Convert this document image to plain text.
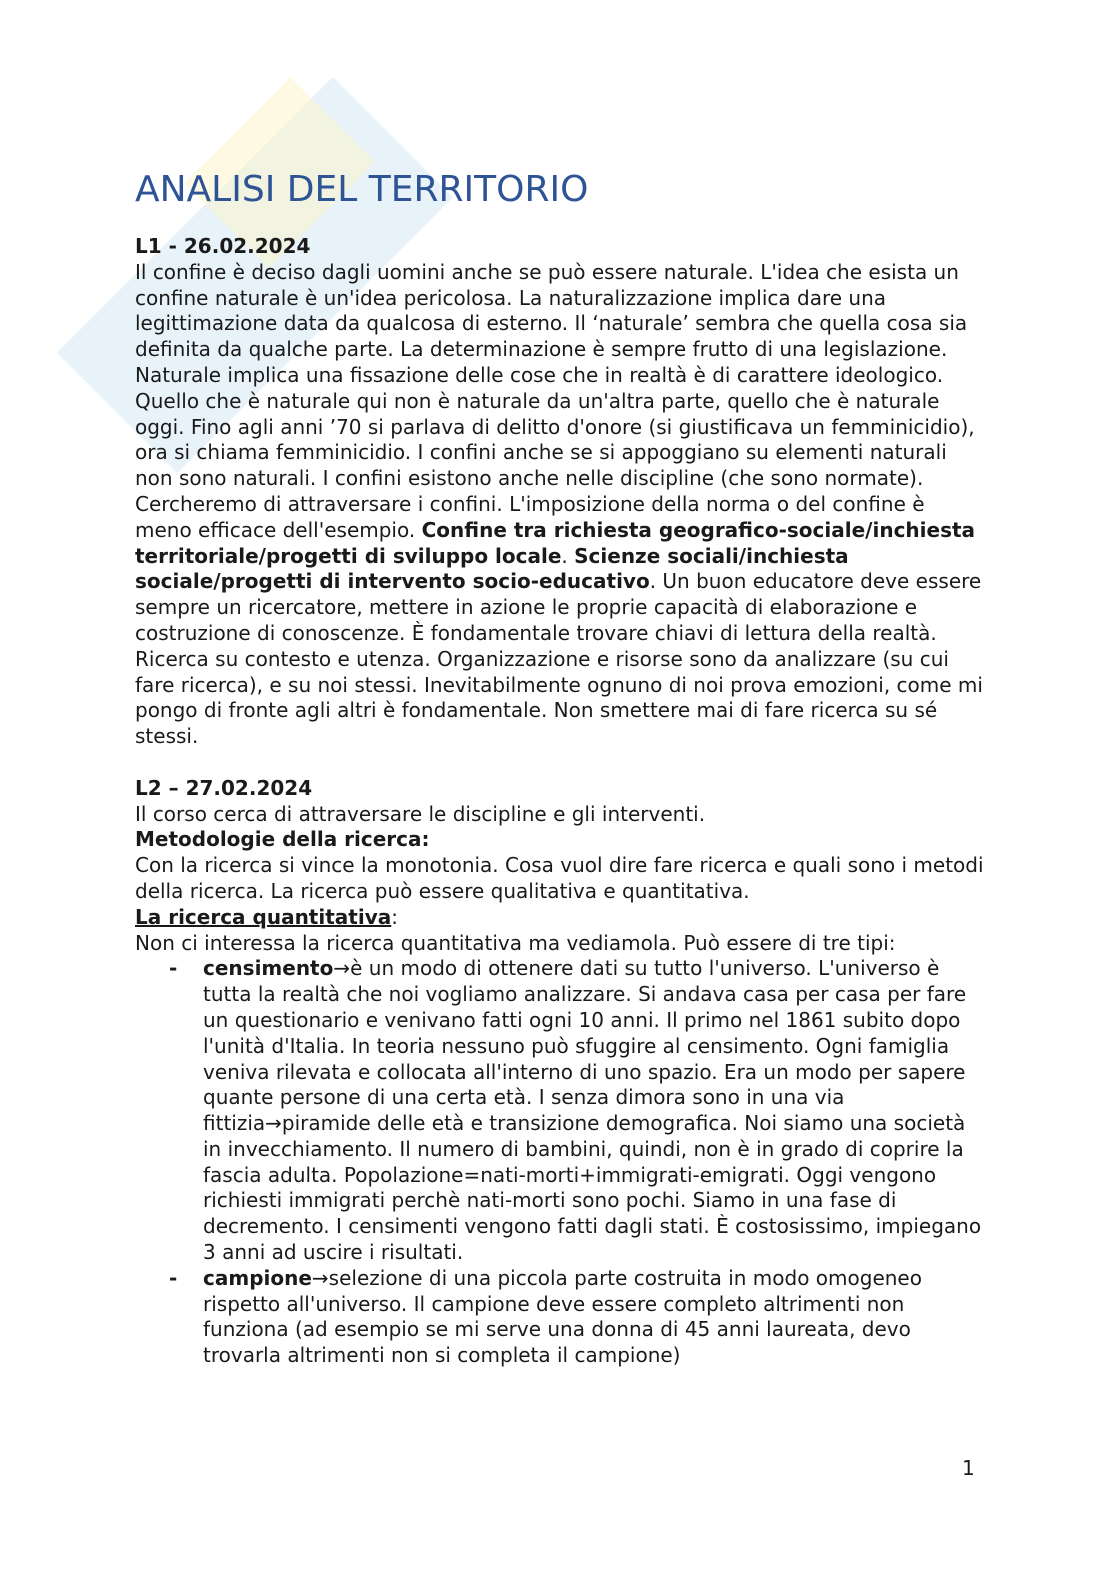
ANALISI DEL TERRITORIO

L1 - 26.02.2024

Il confine è deciso dagli uomini anche se può essere naturale. L'idea che esista un confine naturale è un'idea pericolosa. La naturalizzazione implica dare una legittimazione data da qualcosa di esterno. Il ‘naturale’ sembra che quella cosa sia definita da qualche parte. La determinazione è sempre frutto di una legislazione. Naturale implica una fissazione delle cose che in realtà è di carattere ideologico. Quello che è naturale qui non è naturale da un'altra parte, quello che è naturale oggi. Fino agli anni ’70 si parlava di delitto d'onore (si giustificava un femminicidio), ora si chiama femminicidio. I confini anche se si appoggiano su elementi naturali non sono naturali. I confini esistono anche nelle discipline (che sono normate). Cercheremo di attraversare i confini. L'imposizione della norma o del confine è meno efficace dell'esempio. Confine tra richiesta geografico-sociale/inchiesta territoriale/progetti di sviluppo locale. Scienze sociali/inchiesta sociale/progetti di intervento socio-educativo. Un buon educatore deve essere sempre un ricercatore, mettere in azione le proprie capacità di elaborazione e costruzione di conoscenze. È fondamentale trovare chiavi di lettura della realtà. Ricerca su contesto e utenza. Organizzazione e risorse sono da analizzare (su cui fare ricerca), e su noi stessi. Inevitabilmente ognuno di noi prova emozioni, come mi pongo di fronte agli altri è fondamentale. Non smettere mai di fare ricerca su sé stessi.

L2 – 27.02.2024

Il corso cerca di attraversare le discipline e gli interventi.

Metodologie della ricerca:

Con la ricerca si vince la monotonia. Cosa vuol dire fare ricerca e quali sono i metodi della ricerca. La ricerca può essere qualitativa e quantitativa.

La ricerca quantitativa:

Non ci interessa la ricerca quantitativa ma vediamola. Può essere di tre tipi:

- censimento→è un modo di ottenere dati su tutto l'universo. L'universo è tutta la realtà che noi vogliamo analizzare. Si andava casa per casa per fare un questionario e venivano fatti ogni 10 anni. Il primo nel 1861 subito dopo l'unità d'Italia. In teoria nessuno può sfuggire al censimento. Ogni famiglia veniva rilevata e collocata all'interno di uno spazio. Era un modo per sapere quante persone di una certa età. I senza dimora sono in una via fittizia→piramide delle età e transizione demografica. Noi siamo una società in invecchiamento. Il numero di bambini, quindi, non è in grado di coprire la fascia adulta. Popolazione=nati-morti+immigrati-emigrati. Oggi vengono richiesti immigrati perchè nati-morti sono pochi. Siamo in una fase di decremento. I censimenti vengono fatti dagli stati. È costosissimo, impiegano 3 anni ad uscire i risultati.
- campione→selezione di una piccola parte costruita in modo omogeneo rispetto all'universo. Il campione deve essere completo altrimenti non funziona (ad esempio se mi serve una donna di 45 anni laureata, devo trovarla altrimenti non si completa il campione)
1
